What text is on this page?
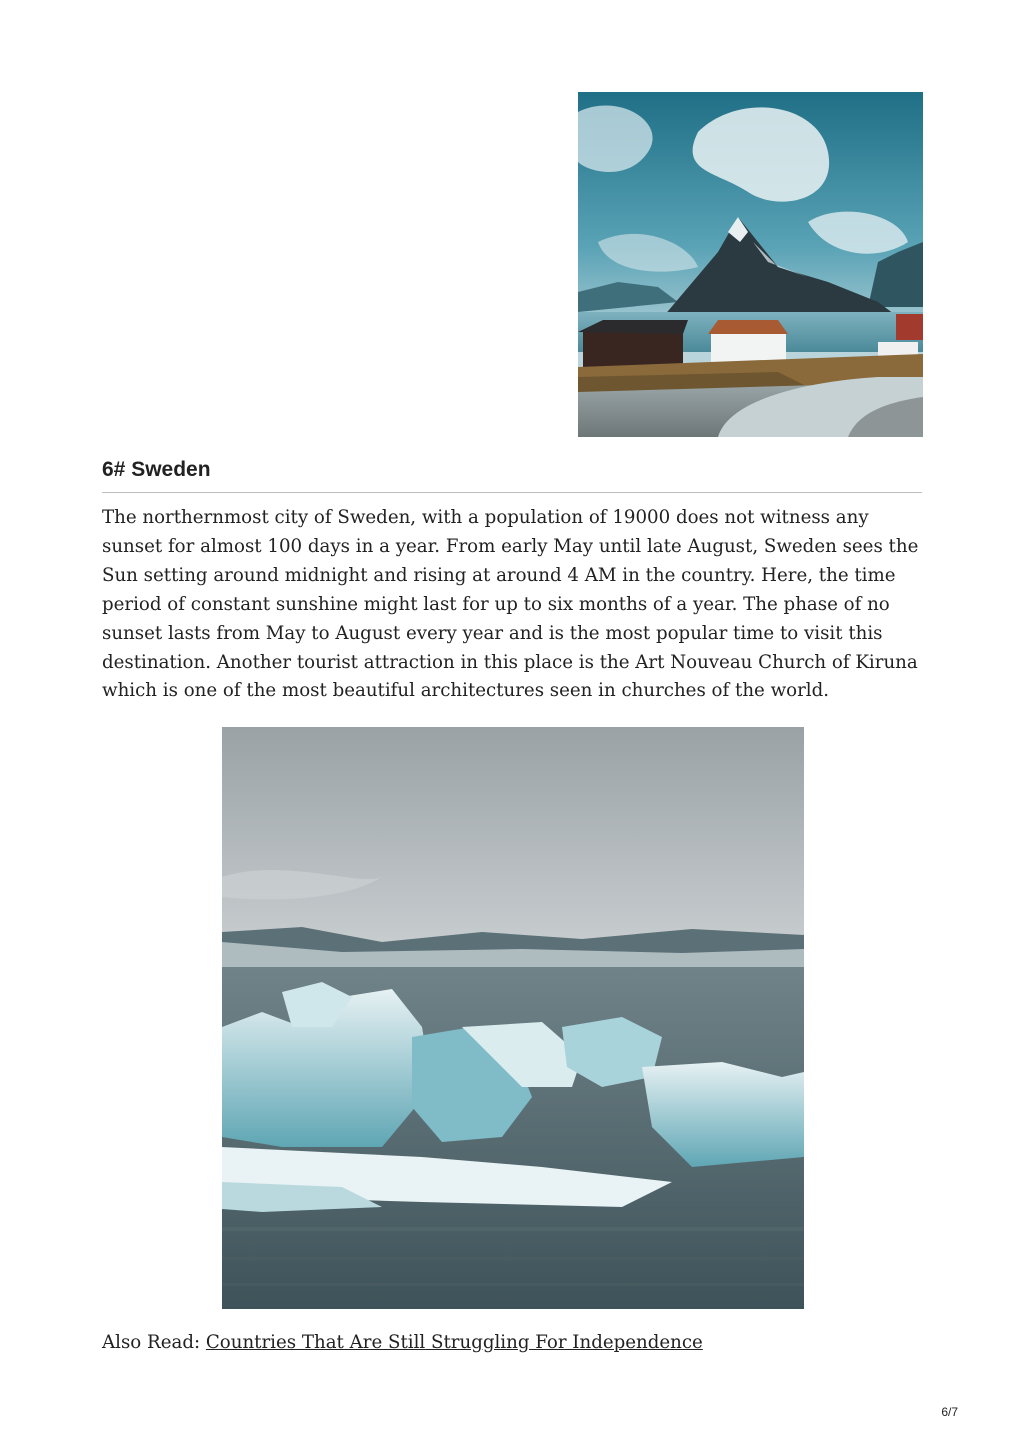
6# Sweden

The northernmost city of Sweden, with a population of 19000 does not witness any sunset for almost 100 days in a year. From early May until late August, Sweden sees the Sun setting around midnight and rising at around 4 AM in the country. Here, the time period of constant sunshine might last for up to six months of a year. The phase of no sunset lasts from May to August every year and is the most popular time to visit this destination. Another tourist attraction in this place is the Art Nouveau Church of Kiruna which is one of the most beautiful architectures seen in churches of the world.

Also Read: Countries That Are Still Struggling For Independence

6/7
